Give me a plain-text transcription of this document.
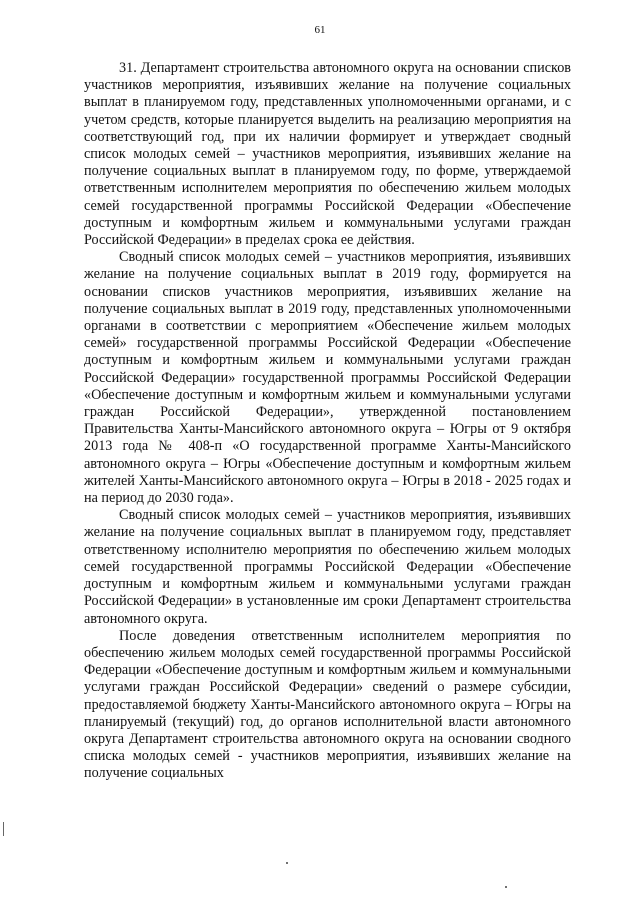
61

31. Департамент строительства автономного округа на основании списков участников мероприятия, изъявивших желание на получение социальных выплат в планируемом году, представленных уполномоченными органами, и с учетом средств, которые планируется выделить на реализацию мероприятия на соответствующий год, при их наличии формирует и утверждает сводный список молодых семей – участников мероприятия, изъявивших желание на получение социальных выплат в планируемом году, по форме, утверждаемой ответственным исполнителем мероприятия по обеспечению жильем молодых семей государственной программы Российской Федерации «Обеспечение доступным и комфортным жильем и коммунальными услугами граждан Российской Федерации» в пределах срока ее действия.

Сводный список молодых семей – участников мероприятия, изъявивших желание на получение социальных выплат в 2019 году, формируется на основании списков участников мероприятия, изъявивших желание на получение социальных выплат в 2019 году, представленных уполномоченными органами в соответствии с мероприятием «Обеспечение жильем молодых семей» государственной программы Российской Федерации «Обеспечение доступным и комфортным жильем и коммунальными услугами граждан Российской Федерации» государственной программы Российской Федерации «Обеспечение доступным и комфортным жильем и коммунальными услугами граждан Российской Федерации», утвержденной постановлением Правительства Ханты-Мансийского автономного округа – Югры от 9 октября 2013 года № 408-п «О государственной программе Ханты-Мансийского автономного округа – Югры «Обеспечение доступным и комфортным жильем жителей Ханты-Мансийского автономного округа – Югры в 2018 - 2025 годах и на период до 2030 года».

Сводный список молодых семей – участников мероприятия, изъявивших желание на получение социальных выплат в планируемом году, представляет ответственному исполнителю мероприятия по обеспечению жильем молодых семей государственной программы Российской Федерации «Обеспечение доступным и комфортным жильем и коммунальными услугами граждан Российской Федерации» в установленные им сроки Департамент строительства автономного округа.

После доведения ответственным исполнителем мероприятия по обеспечению жильем молодых семей государственной программы Российской Федерации «Обеспечение доступным и комфортным жильем и коммунальными услугами граждан Российской Федерации» сведений о размере субсидии, предоставляемой бюджету Ханты-Мансийского автономного округа – Югры на планируемый (текущий) год, до органов исполнительной власти автономного округа Департамент строительства автономного округа на основании сводного списка молодых семей - участников мероприятия, изъявивших желание на получение социальных
